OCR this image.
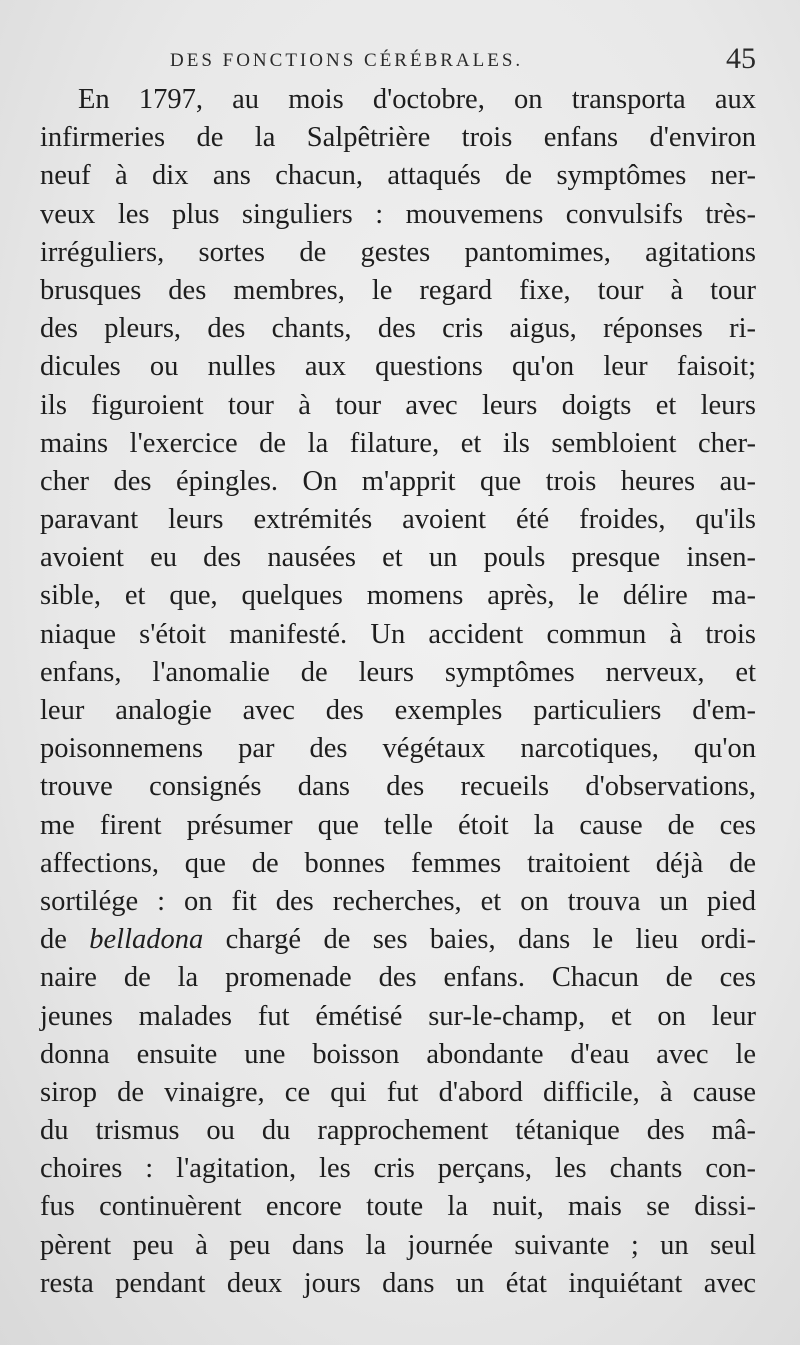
DES FONCTIONS CÉRÉBRALES.	45
En 1797, au mois d'octobre, on transporta aux
infirmeries de la Salpêtrière trois enfans d'environ
neuf à dix ans chacun, attaqués de symptômes ner-
veux les plus singuliers : mouvemens convulsifs très-
irréguliers, sortes de gestes pantomimes, agitations
brusques des membres, le regard fixe, tour à tour
des pleurs, des chants, des cris aigus, réponses ri-
dicules ou nulles aux questions qu'on leur faisoit;
ils figuroient tour à tour avec leurs doigts et leurs
mains l'exercice de la filature, et ils sembloient cher-
cher des épingles. On m'apprit que trois heures au-
paravant leurs extrémités avoient été froides, qu'ils
avoient eu des nausées et un pouls presque insen-
sible, et que, quelques momens après, le délire ma-
niaque s'étoit manifesté. Un accident commun à trois
enfans, l'anomalie de leurs symptômes nerveux, et
leur analogie avec des exemples particuliers d'em-
poisonnemens par des végétaux narcotiques, qu'on
trouve consignés dans des recueils d'observations,
me firent présumer que telle étoit la cause de ces
affections, que de bonnes femmes traitoient déjà de
sortilége : on fit des recherches, et on trouva un pied
de belladona chargé de ses baies, dans le lieu ordi-
naire de la promenade des enfans. Chacun de ces
jeunes malades fut émétisé sur-le-champ, et on leur
donna ensuite une boisson abondante d'eau avec le
sirop de vinaigre, ce qui fut d'abord difficile, à cause
du trismus ou du rapprochement tétanique des mâ-
choires : l'agitation, les cris perçans, les chants con-
fus continuèrent encore toute la nuit, mais se dissi-
pèrent peu à peu dans la journée suivante ; un seul
resta pendant deux jours dans un état inquiétant avec
